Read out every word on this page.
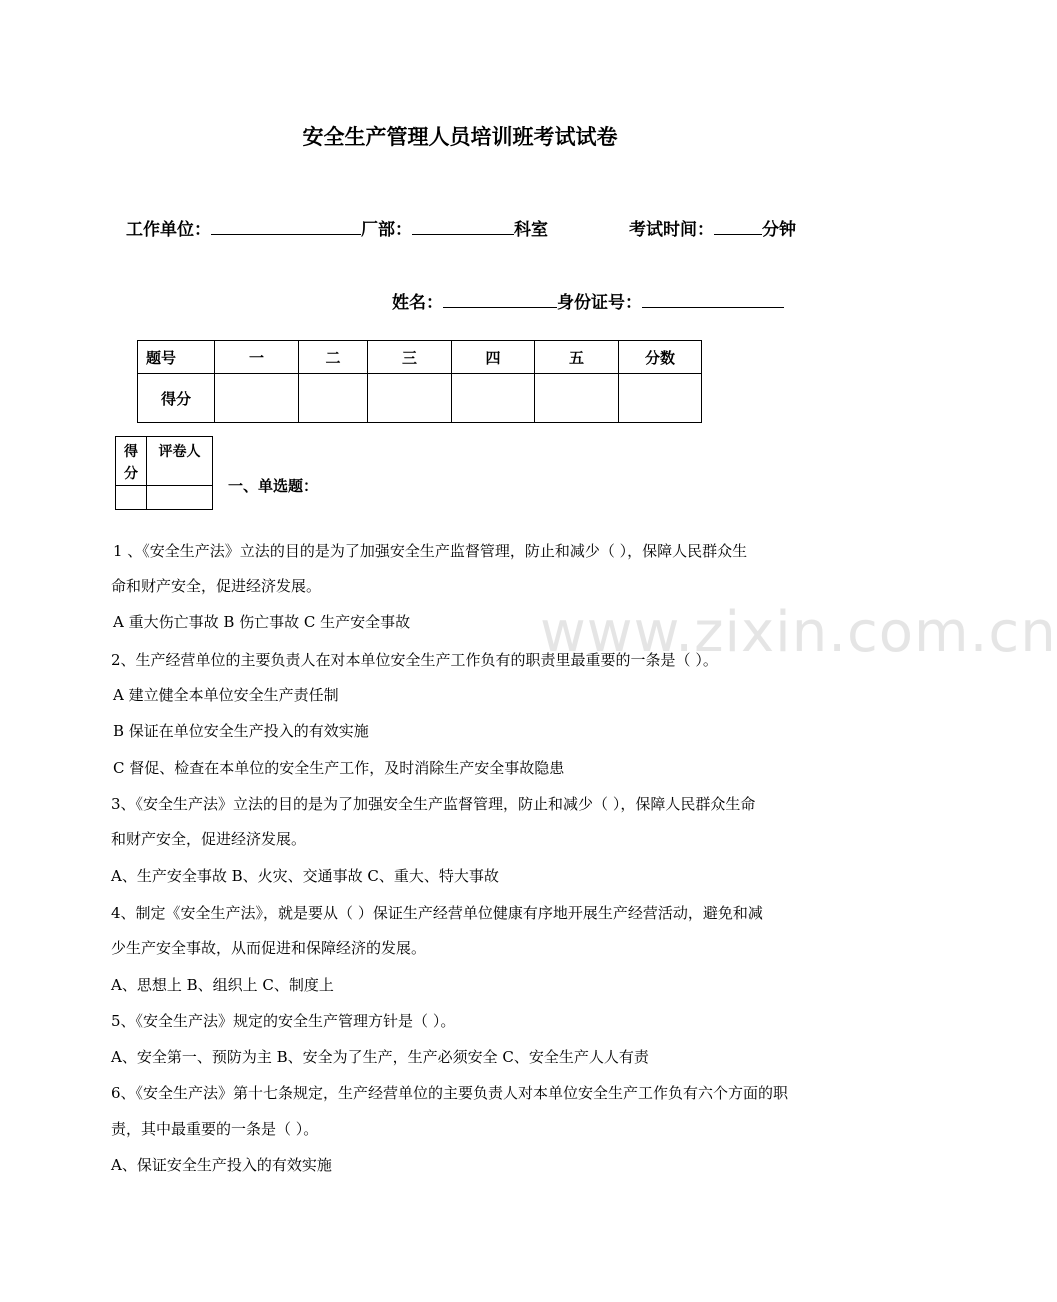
www.zixin.com.cn
安全生产管理人员培训班考试试卷
工作单位：	厂部：	科室	考试时间：	分钟
姓名：	身份证号：
题号	一	二	三	四	五	分数
得分						
得
分	评卷人

一、单选题：
1 、《安全生产法》立法的目的是为了加强安全生产监督管理，防止和减少（ ），保障人民群众生
命和财产安全，促进经济发展。
A 重大伤亡事故 B 伤亡事故 C 生产安全事故
2、生产经营单位的主要负责人在对本单位安全生产工作负有的职责里最重要的一条是（ ）。
A 建立健全本单位安全生产责任制
B 保证在单位安全生产投入的有效实施
C 督促、检查在本单位的安全生产工作，及时消除生产安全事故隐患
3、《安全生产法》立法的目的是为了加强安全生产监督管理，防止和减少（ ），保障人民群众生命
和财产安全，促进经济发展。
A、生产安全事故 B、火灾、交通事故 C、重大、特大事故
4、制定《安全生产法》，就是要从（ ）保证生产经营单位健康有序地开展生产经营活动，避免和减
少生产安全事故，从而促进和保障经济的发展。
A、思想上 B、组织上 C、制度上
5、《安全生产法》规定的安全生产管理方针是（ ）。
A、安全第一、预防为主 B、安全为了生产，生产必须安全 C、安全生产人人有责
6、《安全生产法》第十七条规定，生产经营单位的主要负责人对本单位安全生产工作负有六个方面的职
责，其中最重要的一条是（ ）。
A、保证安全生产投入的有效实施
